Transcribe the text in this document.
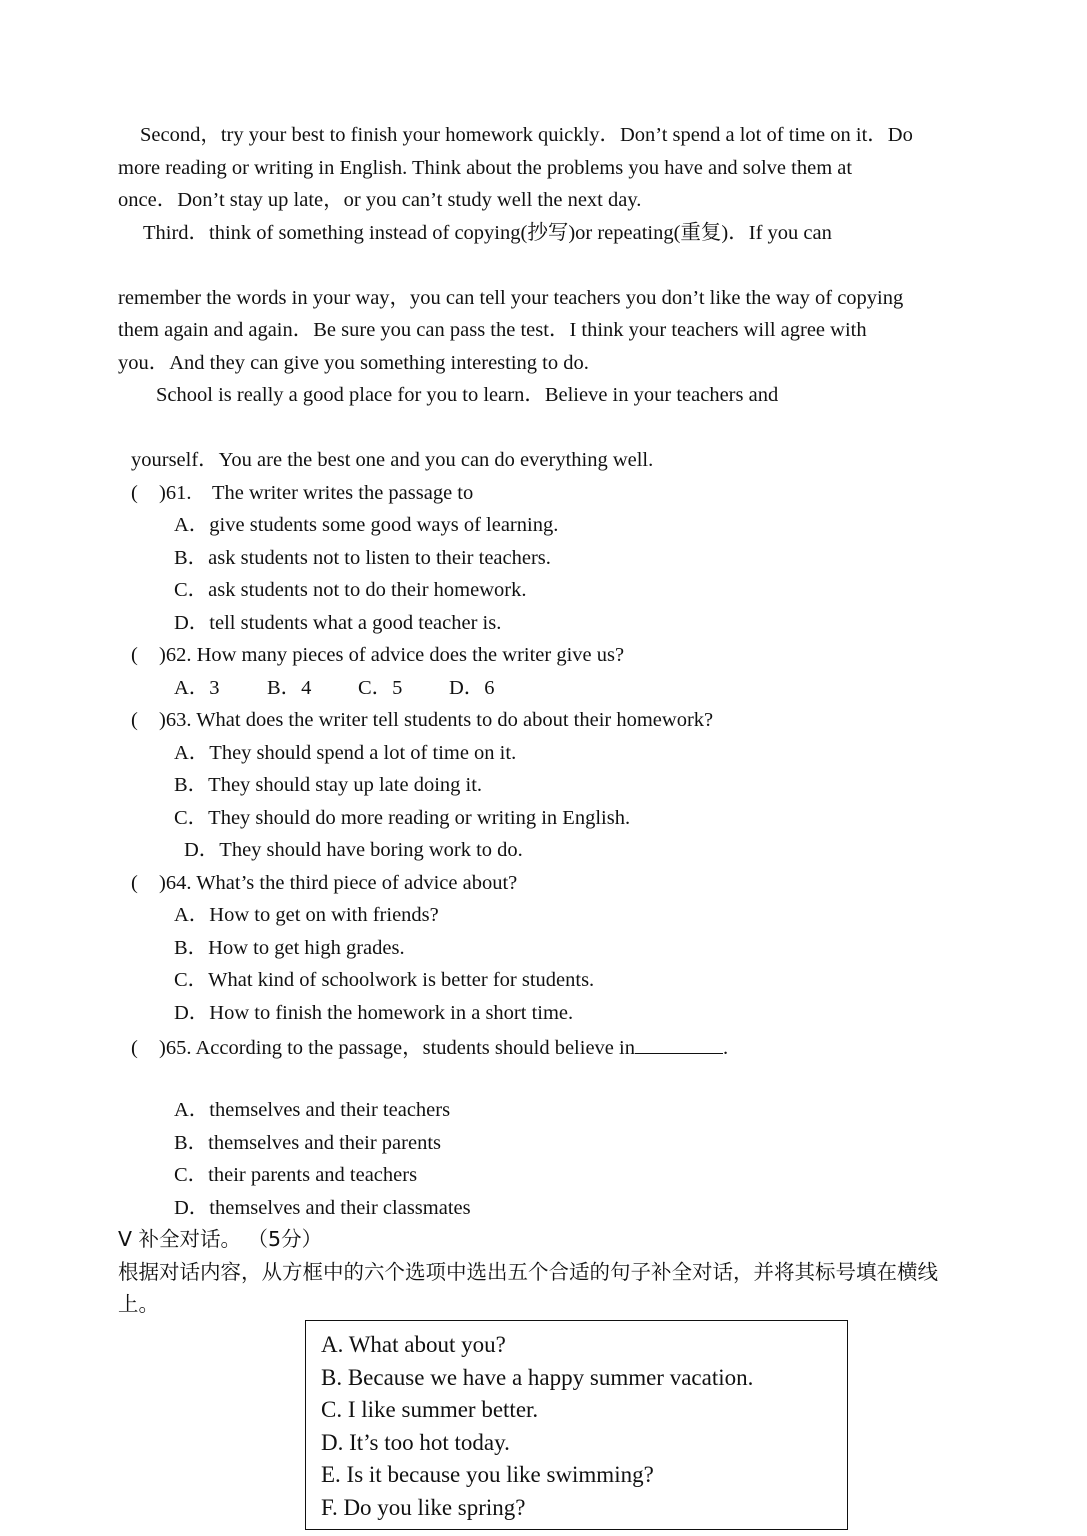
Second，try your best to finish your homework quickly．Don’t spend a lot of time on it．Do
more reading or writing in English. Think about the problems you have and solve them at
once．Don’t stay up late，or you can’t study well the next day.
Third．think of something instead of copying(抄写)or repeating(重复)．If you can
remember the words in your way，you can tell your teachers you don’t like the way of copying
them again and again．Be sure you can pass the test．I think your teachers will agree with
you．And they can give you something interesting to do.
School is really a good place for you to learn．Believe in your teachers and
yourself．You are the best one and you can do everything well.
( )61.　The writer writes the passage to
A．give students some good ways of learning.
B．ask students not to listen to their teachers.
C．ask students not to do their homework.
D．tell students what a good teacher is.
( )62. How many pieces of advice does the writer give us?
A．3 B．4 C．5 D．6
( )63. What does the writer tell students to do about their homework?
A．They should spend a lot of time on it.
B．They should stay up late doing it.
C．They should do more reading or writing in English.
D．They should have boring work to do.
( )64. What’s the third piece of advice about?
A．How to get on with friends?
B．How to get high grades.
C．What kind of schoolwork is better for students.
D．How to finish the homework in a short time.
( )65. According to the passage，students should believe in	.
A．themselves and their teachers
B．themselves and their parents
C．their parents and teachers
D．themselves and their classmates
V 补全对话。 （5分）
根据对话内容，从方框中的六个选项中选出五个合适的句子补全对话，并将其标号填在横线上。
A. What about you?
B. Because we have a happy summer vacation.
C. I like summer better.
D. It’s too hot today.
E. Is it because you like swimming?
F. Do you like spring?
